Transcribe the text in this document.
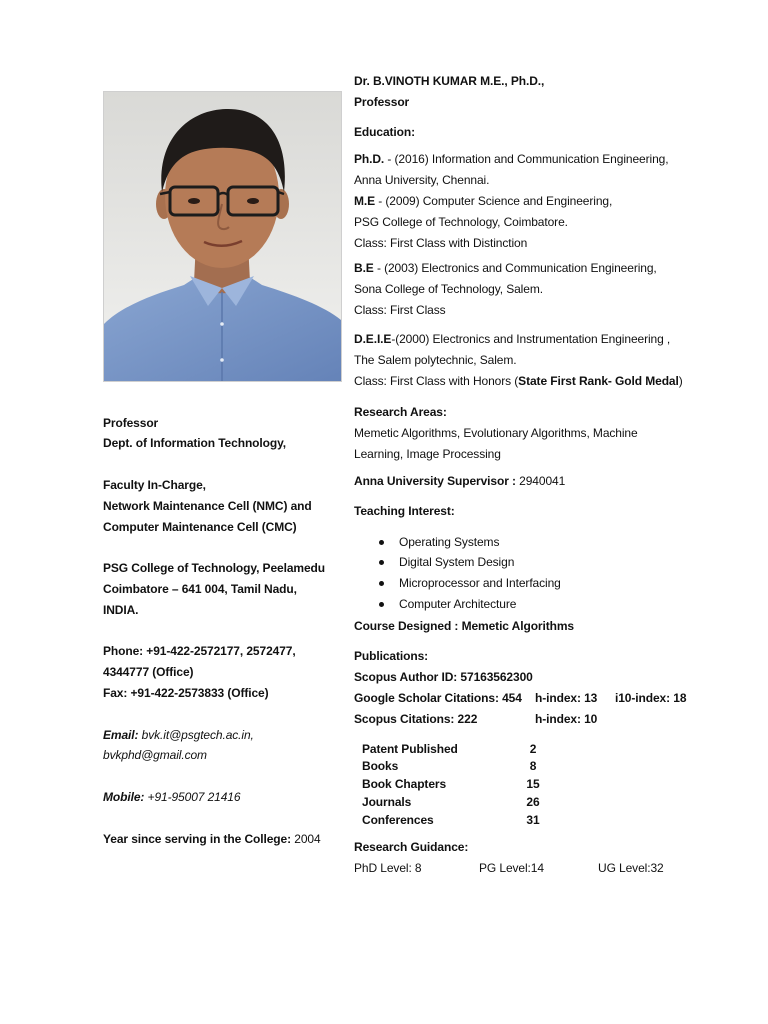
Professor
Dept. of Information Technology,
Faculty In-Charge,
Network Maintenance Cell (NMC) and
Computer Maintenance Cell (CMC)
PSG College of Technology, Peelamedu
Coimbatore – 641 004, Tamil Nadu,
INDIA.
Phone: +91-422-2572177, 2572477,
4344777 (Office)
Fax: +91-422-2573833 (Office)
Email: bvk.it@psgtech.ac.in,
bvkphd@gmail.com
Mobile: +91-95007 21416
Year since serving in the College: 2004
Dr. B.VINOTH KUMAR M.E., Ph.D.,
Professor
Education:
Ph.D. - (2016) Information and Communication Engineering,
Anna University, Chennai.
M.E - (2009) Computer Science and Engineering,
PSG College of Technology, Coimbatore.
Class: First Class with Distinction
B.E - (2003) Electronics and Communication Engineering,
Sona College of Technology, Salem.
Class: First Class
D.E.I.E-(2000) Electronics and Instrumentation Engineering ,
The Salem polytechnic, Salem.
Class: First Class with Honors (State First Rank- Gold Medal)
Research Areas:
Memetic Algorithms, Evolutionary Algorithms, Machine
Learning, Image Processing
Anna University Supervisor : 2940041
Teaching Interest:
Operating Systems
Digital System Design
Microprocessor and Interfacing
Computer Architecture
Course Designed : Memetic Algorithms
Publications:
Scopus Author ID: 57163562300
Google Scholar Citations: 454 h-index: 13 i10-index: 18
Scopus Citations: 222	h-index: 10
Patent Published	2
Books	8
Book Chapters	15
Journals	26
Conferences	31
Research Guidance:
PhD Level: 8	PG Level:14	UG Level:32
